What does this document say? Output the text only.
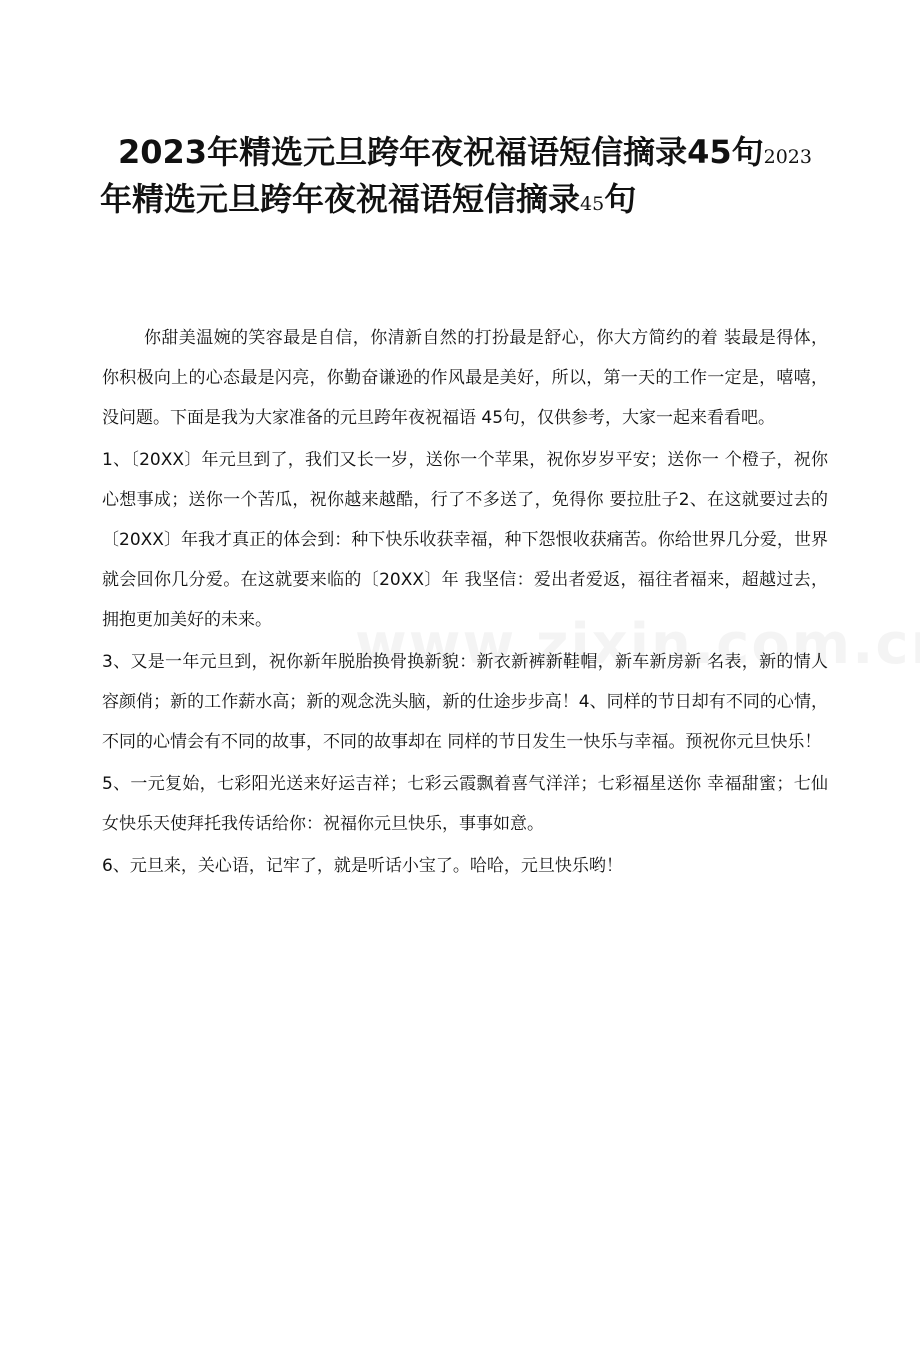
2023年精选元旦跨年夜祝福语短信摘录45句2023
年精选元旦跨年夜祝福语短信摘录45句

你甜美温婉的笑容最是自信，你清新自然的打扮最是舒心，你大方简约的着 装最是得体，你积极向上的心态最是闪亮，你勤奋谦逊的作风最是美好，所以，第一天的工作一定是，嘻嘻，没问题。下面是我为大家准备的元旦跨年夜祝福语 45句，仅供参考，大家一起来看看吧。

1、〔20XX〕年元旦到了，我们又长一岁，送你一个苹果，祝你岁岁平安；送你一 个橙子，祝你心想事成；送你一个苦瓜，祝你越来越酷，行了不多送了，免得你 要拉肚子2、在这就要过去的〔20XX〕年我才真正的体会到：种下快乐收获幸福，种下怨恨收获痛苦。你给世界几分爱，世界就会回你几分爱。在这就要来临的〔20XX〕年 我坚信：爱出者爱返，福往者福来，超越过去，拥抱更加美好的未来。

3、又是一年元旦到，祝你新年脱胎换骨换新貌：新衣新裤新鞋帽，新车新房新 名表，新的情人容颜俏；新的工作薪水高；新的观念洗头脑，新的仕途步步高！4、同样的节日却有不同的心情，不同的心情会有不同的故事，不同的故事却在 同样的节日发生一快乐与幸福。预祝你元旦快乐！

5、一元复始，七彩阳光送来好运吉祥；七彩云霞飘着喜气洋洋；七彩福星送你 幸福甜蜜；七仙女快乐天使拜托我传话给你：祝福你元旦快乐，事事如意。

6、元旦来，关心语，记牢了，就是听话小宝了。哈哈，元旦快乐哟！
